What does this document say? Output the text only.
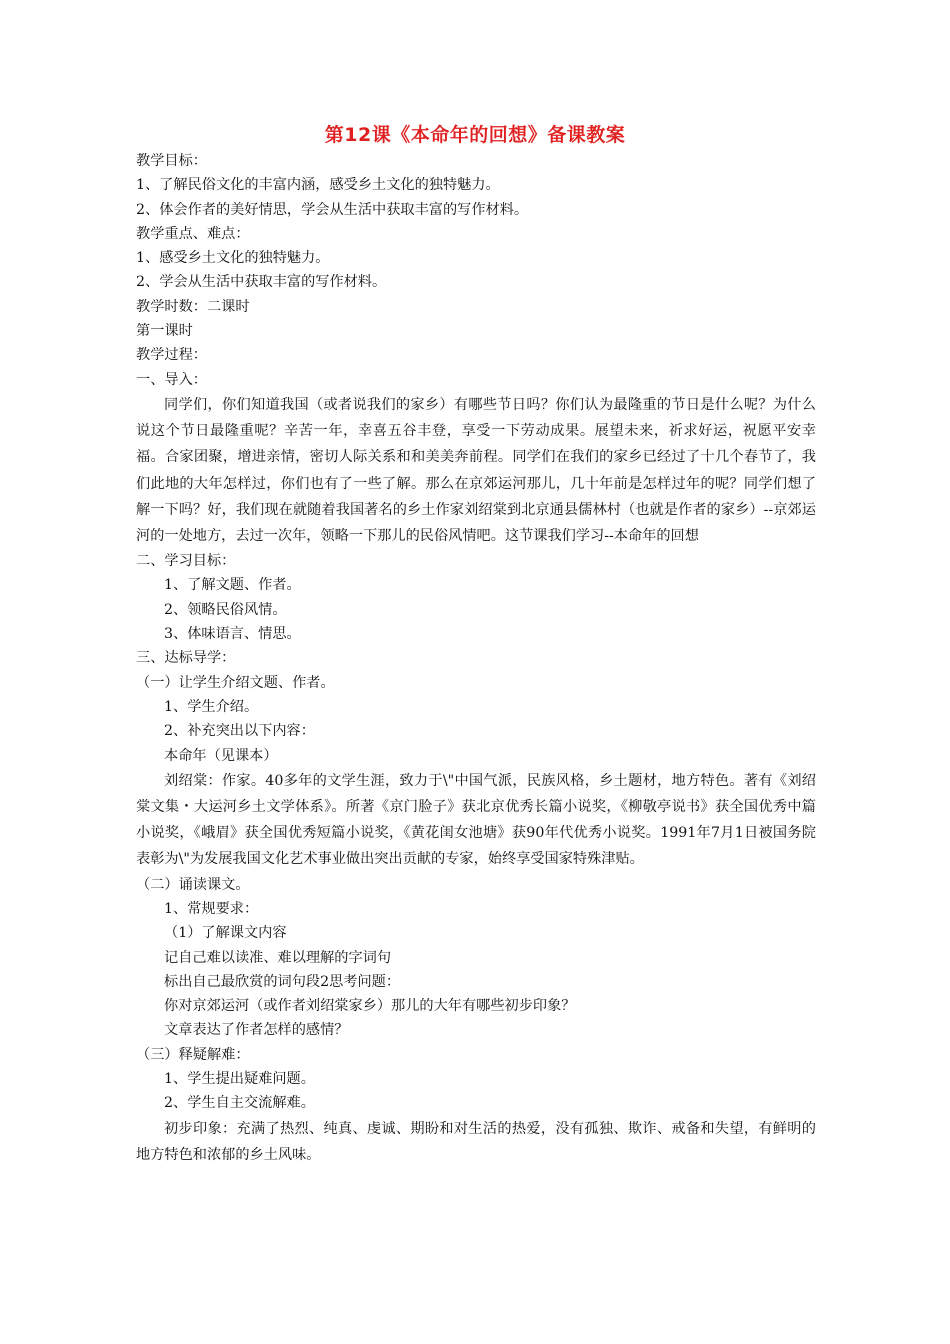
第12课《本命年的回想》备课教案
教学目标：
1、了解民俗文化的丰富内涵，感受乡土文化的独特魅力。
2、体会作者的美好情思，学会从生活中获取丰富的写作材料。
教学重点、难点：
1、感受乡土文化的独特魅力。
2、学会从生活中获取丰富的写作材料。
教学时数：二课时
第一课时
教学过程：
一、导入：
同学们，你们知道我国（或者说我们的家乡）有哪些节日吗？你们认为最隆重的节日是什么呢？为什么说这个节日最隆重呢？辛苦一年，幸喜五谷丰登，享受一下劳动成果。展望未来，祈求好运，祝愿平安幸福。合家团聚，增进亲情，密切人际关系和和美美奔前程。同学们在我们的家乡已经过了十几个春节了，我们此地的大年怎样过，你们也有了一些了解。那么在京郊运河那儿，几十年前是怎样过年的呢？同学们想了解一下吗？好，我们现在就随着我国著名的乡土作家刘绍棠到北京通县儒林村（也就是作者的家乡）--京郊运河的一处地方，去过一次年，领略一下那儿的民俗风情吧。这节课我们学习--本命年的回想
二、学习目标：
1、了解文题、作者。
2、领略民俗风情。
3、体味语言、情思。
三、达标导学：
（一）让学生介绍文题、作者。
1、学生介绍。
2、补充突出以下内容：
本命年（见课本）
刘绍棠：作家。40多年的文学生涯，致力于\"中国气派，民族风格，乡土题材，地方特色。著有《刘绍棠文集・大运河乡土文学体系》。所著《京门脸子》获北京优秀长篇小说奖，《柳敬亭说书》获全国优秀中篇小说奖，《峨眉》获全国优秀短篇小说奖，《黄花闺女池塘》获90年代优秀小说奖。1991年7月1日被国务院表彰为\"为发展我国文化艺术事业做出突出贡献的专家，始终享受国家特殊津贴。
（二）诵读课文。
1、常规要求：
（1）了解课文内容
记自己难以读准、难以理解的字词句
标出自己最欣赏的词句段2思考问题：
你对京郊运河（或作者刘绍棠家乡）那儿的大年有哪些初步印象？
文章表达了作者怎样的感情？
（三）释疑解难：
1、学生提出疑难问题。
2、学生自主交流解难。
初步印象：充满了热烈、纯真、虔诚、期盼和对生活的热爱，没有孤独、欺诈、戒备和失望，有鲜明的地方特色和浓郁的乡土风味。
